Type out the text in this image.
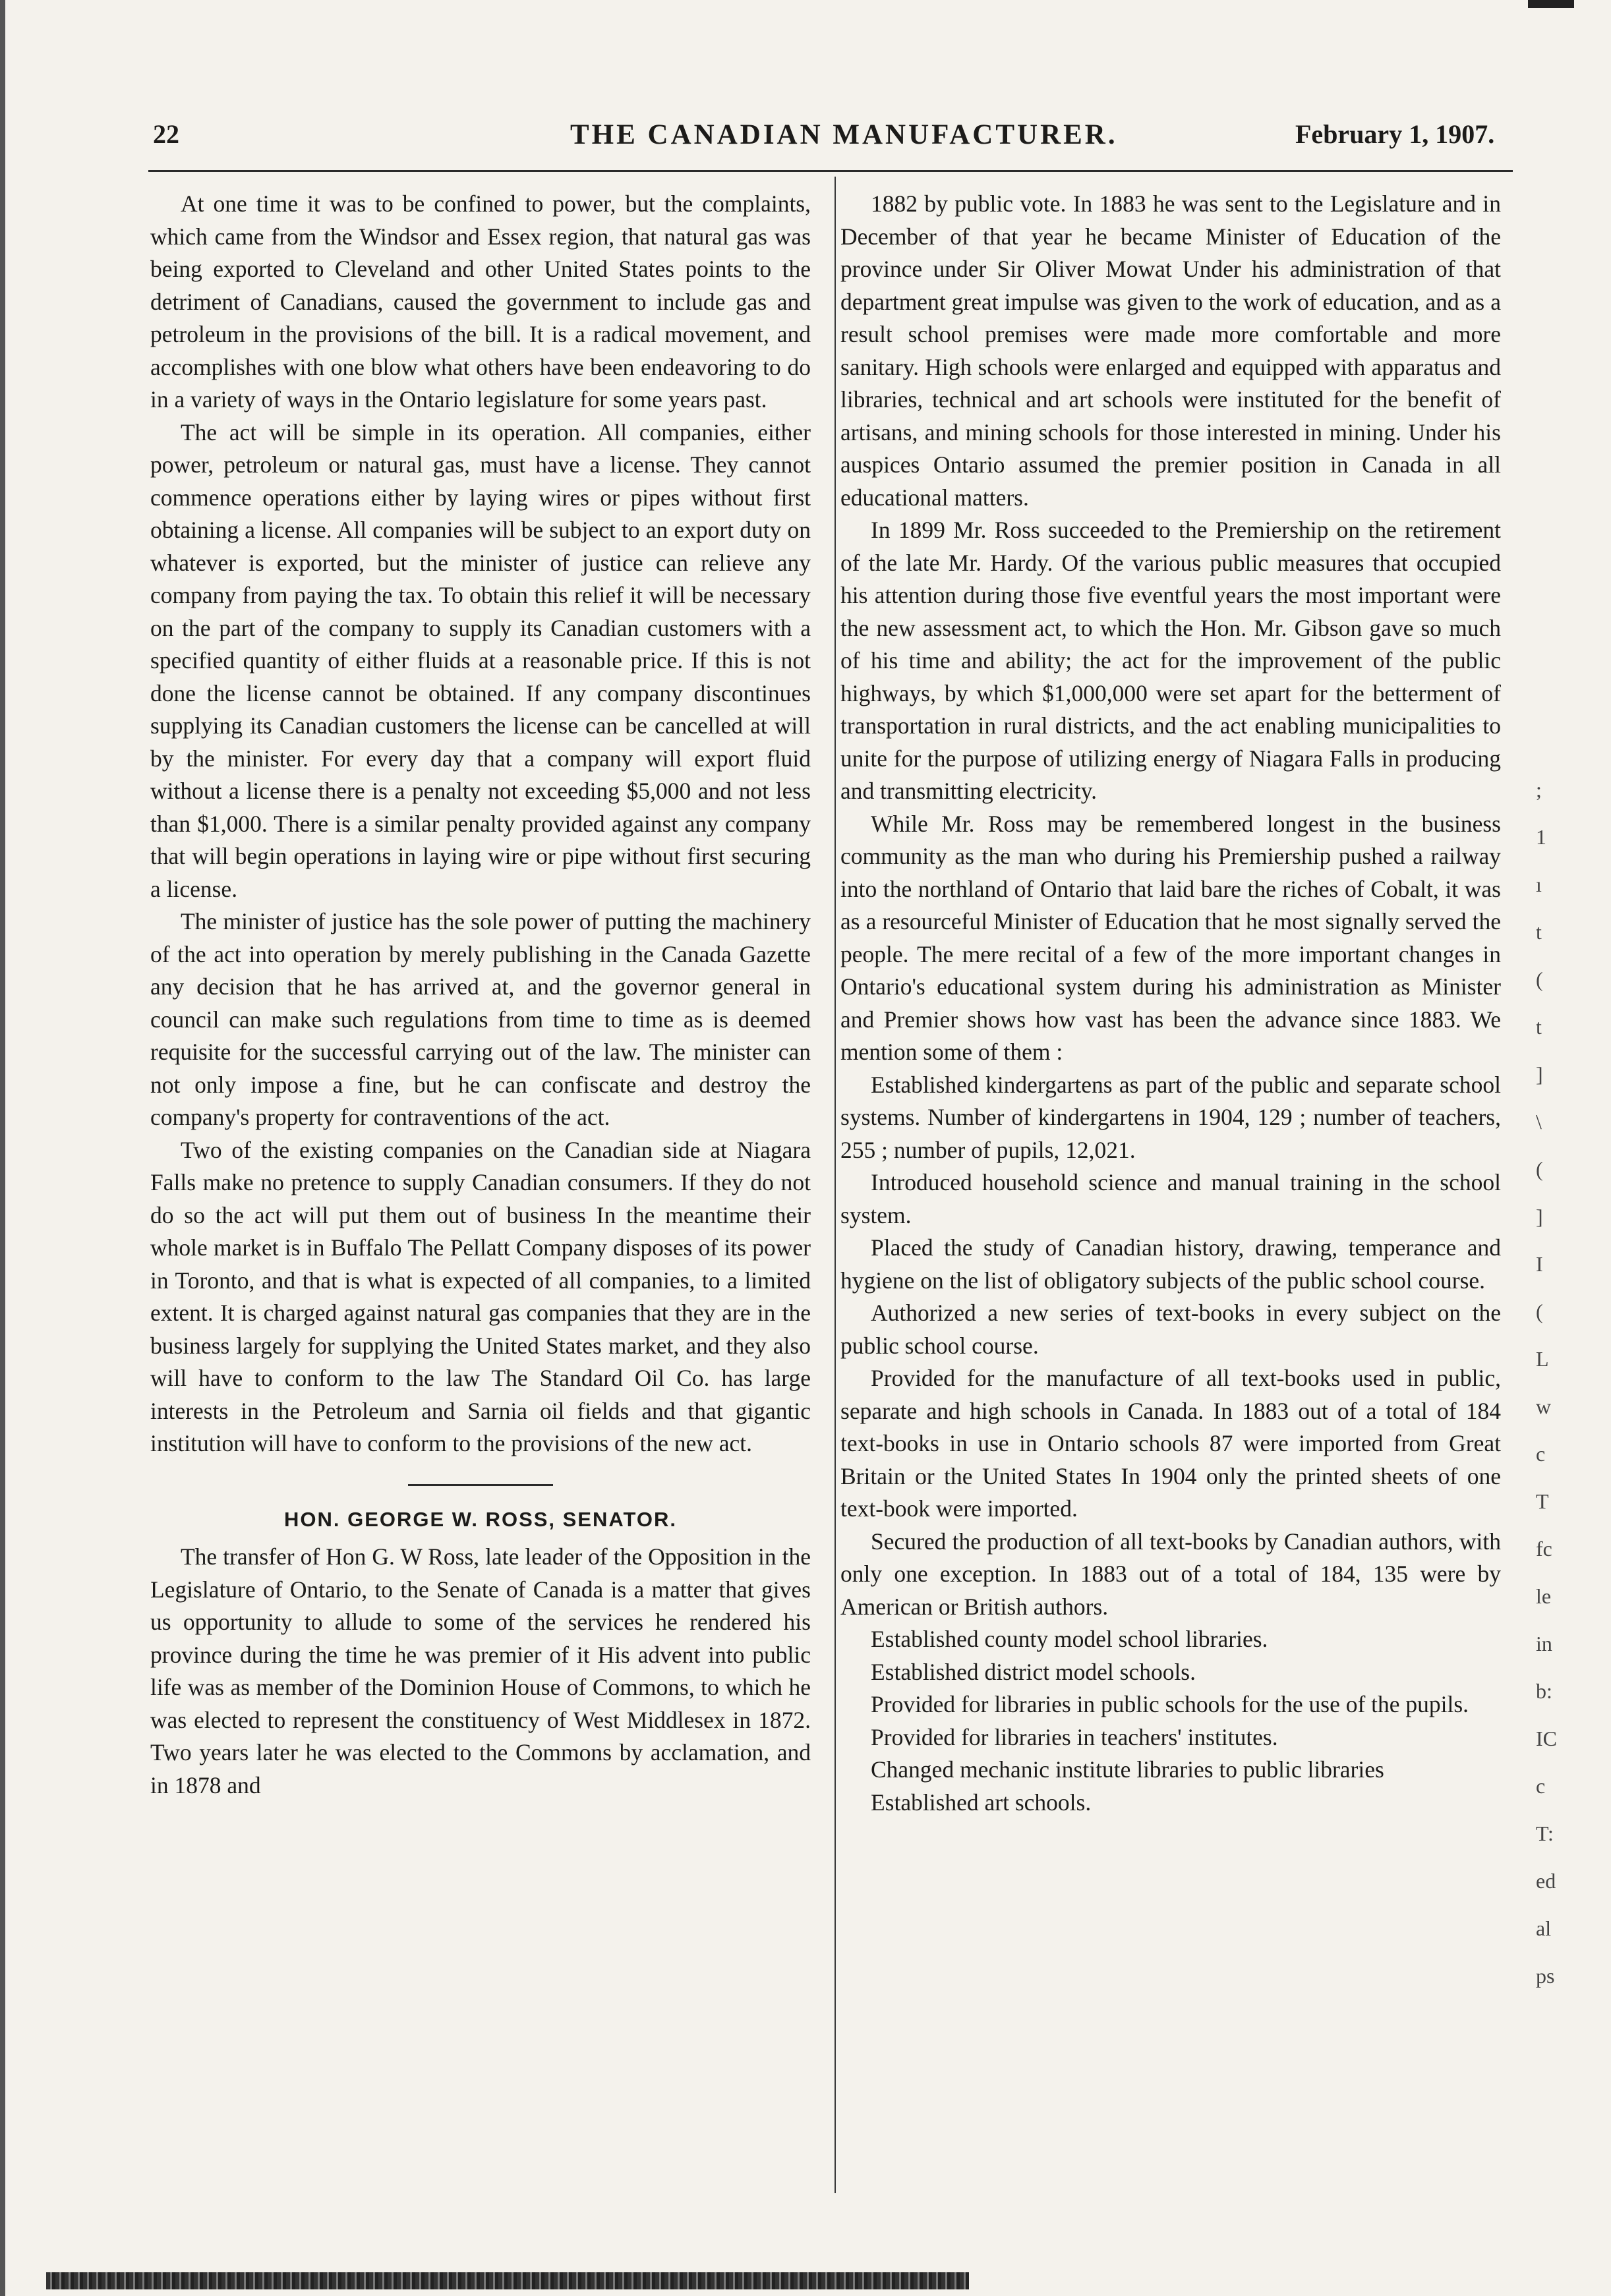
22	THE CANADIAN MANUFACTURER.	February 1, 1907.

At one time it was to be confined to power, but the complaints, which came from the Windsor and Essex region, that natural gas was being exported to Cleveland and other United States points to the detriment of Canadians, caused the government to include gas and petroleum in the provisions of the bill. It is a radical movement, and accomplishes with one blow what others have been endeavoring to do in a variety of ways in the Ontario legislature for some years past.

The act will be simple in its operation. All companies, either power, petroleum or natural gas, must have a license. They cannot commence operations either by laying wires or pipes without first obtaining a license. All companies will be subject to an export duty on whatever is exported, but the minister of justice can relieve any company from paying the tax. To obtain this relief it will be necessary on the part of the company to supply its Canadian customers with a specified quantity of either fluids at a reasonable price. If this is not done the license cannot be obtained. If any company discontinues supplying its Canadian customers the license can be cancelled at will by the minister. For every day that a company will export fluid without a license there is a penalty not exceeding $5,000 and not less than $1,000. There is a similar penalty provided against any company that will begin operations in laying wire or pipe without first securing a license.

The minister of justice has the sole power of putting the machinery of the act into operation by merely publishing in the Canada Gazette any decision that he has arrived at, and the governor general in council can make such regulations from time to time as is deemed requisite for the successful carrying out of the law. The minister can not only impose a fine, but he can confiscate and destroy the company's property for contraventions of the act.

Two of the existing companies on the Canadian side at Niagara Falls make no pretence to supply Canadian consumers. If they do not do so the act will put them out of business In the meantime their whole market is in Buffalo The Pellatt Company disposes of its power in Toronto, and that is what is expected of all companies, to a limited extent. It is charged against natural gas companies that they are in the business largely for supplying the United States market, and they also will have to conform to the law The Standard Oil Co. has large interests in the Petroleum and Sarnia oil fields and that gigantic institution will have to conform to the provisions of the new act.

HON. GEORGE W. ROSS, SENATOR.

The transfer of Hon G. W Ross, late leader of the Opposition in the Legislature of Ontario, to the Senate of Canada is a matter that gives us opportunity to allude to some of the services he rendered his province during the time he was premier of it His advent into public life was as member of the Dominion House of Commons, to which he was elected to represent the constituency of West Middlesex in 1872. Two years later he was elected to the Commons by acclamation, and in 1878 and

1882 by public vote. In 1883 he was sent to the Legislature and in December of that year he became Minister of Education of the province under Sir Oliver Mowat Under his administration of that department great impulse was given to the work of education, and as a result school premises were made more comfortable and more sanitary. High schools were enlarged and equipped with apparatus and libraries, technical and art schools were instituted for the benefit of artisans, and mining schools for those interested in mining. Under his auspices Ontario assumed the premier position in Canada in all educational matters.

In 1899 Mr. Ross succeeded to the Premiership on the retirement of the late Mr. Hardy. Of the various public measures that occupied his attention during those five eventful years the most important were the new assessment act, to which the Hon. Mr. Gibson gave so much of his time and ability; the act for the improvement of the public highways, by which $1,000,000 were set apart for the betterment of transportation in rural districts, and the act enabling municipalities to unite for the purpose of utilizing energy of Niagara Falls in producing and transmitting electricity.

While Mr. Ross may be remembered longest in the business community as the man who during his Premiership pushed a railway into the northland of Ontario that laid bare the riches of Cobalt, it was as a resourceful Minister of Education that he most signally served the people. The mere recital of a few of the more important changes in Ontario's educational system during his administration as Minister and Premier shows how vast has been the advance since 1883. We mention some of them :

Established kindergartens as part of the public and separate school systems. Number of kindergartens in 1904, 129 ; number of teachers, 255 ; number of pupils, 12,021.

Introduced household science and manual training in the school system.

Placed the study of Canadian history, drawing, temperance and hygiene on the list of obligatory subjects of the public school course.

Authorized a new series of text-books in every subject on the public school course.

Provided for the manufacture of all text-books used in public, separate and high schools in Canada. In 1883 out of a total of 184 text-books in use in Ontario schools 87 were imported from Great Britain or the United States In 1904 only the printed sheets of one text-book were imported.

Secured the production of all text-books by Canadian authors, with only one exception. In 1883 out of a total of 184, 135 were by American or British authors.

Established county model school libraries.

Established district model schools.

Provided for libraries in public schools for the use of the pupils.

Provided for libraries in teachers' institutes.

Changed mechanic institute libraries to public libraries

Established art schools.

;
1
ı
t
(
t
]
\
(
]
I
(
L
w
c
T
fc
le
in
b:
IC
c
T:
ed
al
ps
